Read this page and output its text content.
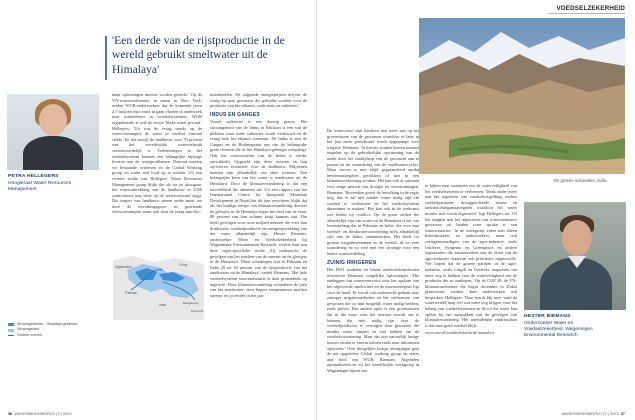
'Een derde van de rijstproductie in de wereld gebruikt smeltwater uit de Himalaya'
PETRA HELLEGERS
Hoogleraar Water Resources
Management

maar oplossingen moeten worden gezocht.' Op de VN-waterconferentie, in maart in New York, zeiden WUR-onderzoekers dat de komende jaren 2,7 miljoen euro extra in gaan vloeien in onderzoek naar waterbeheer in voedselsystemen, WUR organiseerde er ook de sessie 'Make water pivotal'. Hellegers: 'Uit was de vraag steeds op de waterconsumptie de water in voedsel centraal stelde. En dat terwijl de landbouw voor 70 procent van het wereldwijde waterverbruik verantwoordelijk is. Verbeteringen in het voedselsysteem kunnen een belangrijke bijdrage leveren aan de waterproblemen. Daarom moeten we bestaande systemen en de Global Working group on water and food op te richten. Uit een recente studie van Hellegers' Water Resources Management group blijkt dat als we zo doorgaan, het wateronttrekking van de landbouw in 2050 ruimschoots nog sterk op de watervoorraad stijgt. Die impact van landbouw neemt onder meer toe door de bevolkingsgroei en groeiende vleesconsumptie, maar ook door de vraag naar bio-

brandstoffen. De stijgende energieprijzen drijven de vraag op naar gewassen die gebruikt worden voor de productie van bio-ethanol, zoals maïs en suikerriet.'

INDUS EN GANGES

Vooral suikerriet is een dorstig gewas. Het stroomgebied van de Indus in Pakistan is een van de plekken waar meer suikerriet wordt verbouwd en de vraag naar bio-ethanol toeneemt. De Indus is met de Ganges en de Brahmaputra een van de belangrijke grote rivieren die in het Himalaya-gebergte ontspringt. Ook het watersysteem van de Indus is verder ontwikkeld. Opgeteld zijn deze rivieren en hun zijrivieren essentieel voor de landbouw. Miljoenen mensen zijn afhankelijk van deze rivieren. Een belangrijke bron van het water is smeltwater uit de Himalaya. Door de klimaatverandering is dat een hoeveelheid die afnemen zal. Uit een rapport van het International Centre for Integrated Mountain Development in Nepal dat dit jaar verscheen, blijkt dat als het huidige tempo van klimaatverandering doorzet de gletsjers in de Himalaya tegen het eind van de eeuw 80 procent van hun volume kwijt kunnen zijn. Dat heeft gevolgen voor twee miljard mensen die voor hun drinkwater, voedselproductie en energieopwekking van dat water afhankelijk zijn. Hester Biemans, onderzoeker Water en Voedselzekerheid bij Wageningen Environmental Research, werkte mee aan deze regio-specifieke studie. Zij onderzocht de gevolgen van het smelten van de sneeuw en de gletsjers in de Himalaya. 'Maar schattingen zijn in Pakistan en India 20 tot 40 procent van de rijstproductie van het smeltwater uit de Himalaya', vertelt Biemans. 'Het hele voedselsysteem stroomafwaarts is daar grotendeels op ingericht. Door klimaatverandering veranderen de piek van het smeltwater: door hogere temperaturen smelten sneeuw en ijs eerder in het jaar.'

Afghanistan
Pakistan
India	Bangladesh
Myanmar
China
Stroomgebieden - Himalaya-gebieden
Stroomgebied
Grotere rivieren
36 WAGENINGENWORLD | 2 | 2023
VOEDSELZEKERHEID
De groene Indusvallei, India.

De watercurve sluit hierdoor niet meer aan op het groeiseizoen van de gewassen waardoor er later in het jaar meer grondwater wordt opgepompt voor irrigatie. Biemans: 'In theorie zouden boeren kunnen inspelen op de gebruikelijke opwarming van de aarde door het zaaitijdstip van de gewassen aan te passen en de verandering van de smeltwatercyclus. Maar succes is niet altijd gegarandeerd omdat nevenmaatregelen getrokken of niet in een klimaatvoorkoming worden. Het kan ook al ontstaan voor enige periode van droogte en overstromingen. Biemans: 'Bovendien groeit de bevolking in de regio nog, dus er zal niet minder water nodig zijn om voedsel te verbouwen en het voedselsysteem duurzamer te maken.' Het kan ook in de toekomst wel leiden tot conflict. Op de grote steden die afhankelijk zijn van water uit de Himalaya is het van levensbelang dat in Pakistan en India, die voor hun voedsel- en drinkwatervoorziening sterk afhankelijk zijn van de Indus, samenwerken. Het heeft tot grotere irrigatiesystemen in de wereld, de zo zeer waardering en zo veel met een strategie voor een betere waterverdeling.'

ZUINIG IRRIGEREN

Het IWO studeren en lokale onderzoeksinstituten investeren Biemans mogelijke oplossingen. 'Het aanleggen van waterreservoirs voor het opslaan van het afgevoerde smeltwater en de moessonregens ligt voor de hand. Er wordt ook onderzocht gedaan naar zuiniger irrigatiemethoden en het verbouwen van gewassen die zo min mogelijk water nodig hebben, zoals pulses. Een andere optie is een groeiseizoen dat in die mate vóór het seizoen vervalt om te kunnen, dat niet nodig zijn voor de voedselproductie, te verruigen door gewassen die minder water sluipen en wel hebben om de voedselvoorziening. Maar dat zijn natuurlijk lastige keuzes omdat er enorm katoen raakt naar inkomsten ophevens.' Over diergelijke lastige afwegingen gaat de net opgerichte Global working group on water and food van WUR. Biemans: Algehelen optimaliseren en zij het wereldwijde werkgroep in Wageningen bijeen om

te kijken naar manieren om de waterveiligheid van het voedselsysteem te verbeteren. 'Denk onder meer aan het reguleren van voedselverspilling, andere voedselpatronen, drooggetoleerde rassen en landinrichtingsmaatregelen waardoor het water minder snel wordt afgevoerd', legt Hellegers uit. 'Of het stoppen met het importeren van waterintensieve gewassen uit landen waar sprake is van waterschaarste.' In de werkgroep zitten niet alleen beleidsmakers en onderzoekers, maar ook vertegenwoordigers van de agro-industrie, zoals Unilever, Syngenta en Greenpeace en andere organisaties die samenwerken aan de eisen van de agro-industrie waarvan ook prioritaire impactvolle. 'We hopen dat de groene partijen in de agro-industrie, zoals Cargill en Unilever, inspireren om meer oog te hebben voor de waterveiligheid van de productie die ze aankopen.' Op de COP 28, de VN-klimaatconferentie die begin december in Dubai plaatsvindt, werden deze onderwerpen ook besproken. Hellegers: 'Daar ben ik blij mee, want de waterwereld mag wel wat meer oog krijgen voor het belang van voedselsystemen en de rol die water kan spelen bij het aanpakken van de gevolgen van klimaatverandering. Het uiteindelijke eindresultaat is dat men goed voedsel blijft.'

www.wur.nl/voedselzekerheid-waardoor

HESTER BIEMANS
Onderzoeker Water en
Voedselzekerheid, Wageningen
Environmental Research
WAGENINGENWORLD | 2 | 2023 37
